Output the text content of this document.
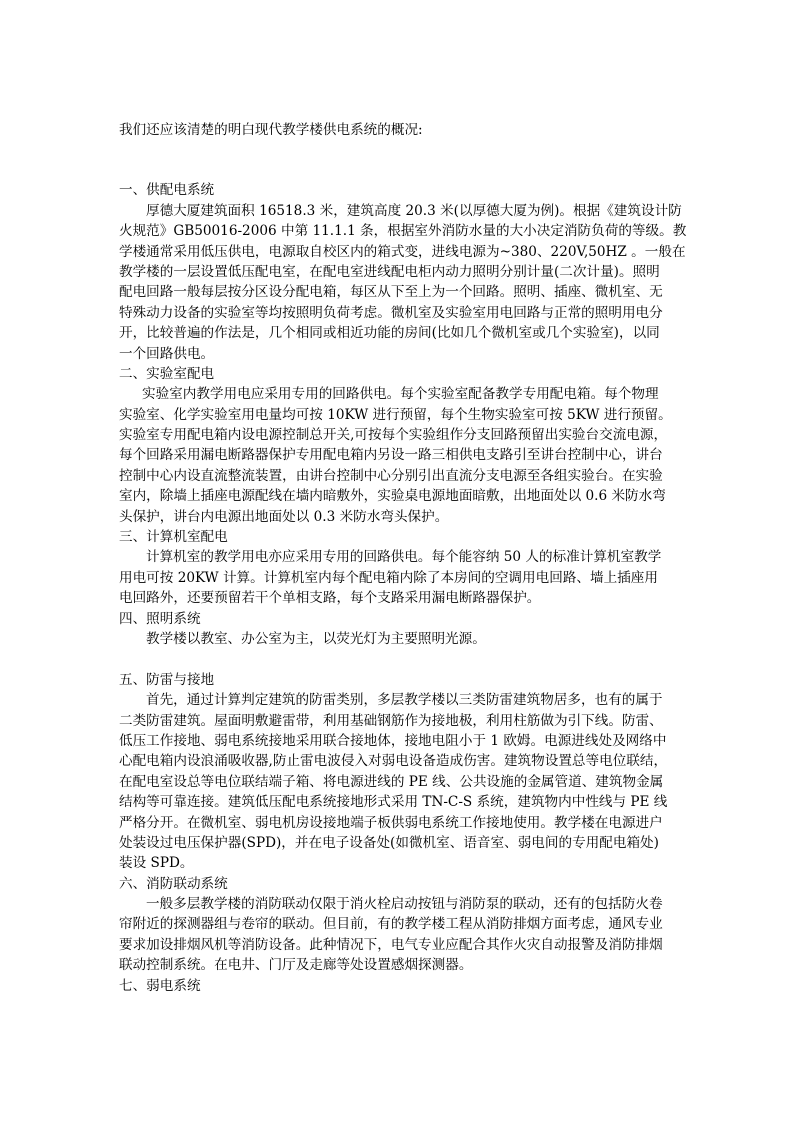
我们还应该清楚的明白现代教学楼供电系统的概况:
一、供配电系统
厚德大厦建筑面积 16518.3 米，建筑高度 20.3 米(以厚德大厦为例)。根据《建筑设计防
火规范》GB50016-2006 中第 11.1.1 条，根据室外消防水量的大小决定消防负荷的等级。教
学楼通常采用低压供电，电源取自校区内的箱式变，进线电源为~380、220V,50HZ 。一般在
教学楼的一层设置低压配电室，在配电室进线配电柜内动力照明分别计量(二次计量)。照明
配电回路一般每层按分区设分配电箱，每区从下至上为一个回路。照明、插座、微机室、无
特殊动力设备的实验室等均按照明负荷考虑。微机室及实验室用电回路与正常的照明用电分
开，比较普遍的作法是，几个相同或相近功能的房间(比如几个微机室或几个实验室)，以同
一个回路供电。
二、实验室配电
实验室内教学用电应采用专用的回路供电。每个实验室配备教学专用配电箱。每个物理
实验室、化学实验室用电量均可按 10KW 进行预留，每个生物实验室可按 5KW 进行预留。
实验室专用配电箱内设电源控制总开关,可按每个实验组作分支回路预留出实验台交流电源，
每个回路采用漏电断路器保护专用配电箱内另设一路三相供电支路引至讲台控制中心，讲台
控制中心内设直流整流装置，由讲台控制中心分别引出直流分支电源至各组实验台。在实验
室内，除墙上插座电源配线在墙内暗敷外，实验桌电源地面暗敷，出地面处以 0.6 米防水弯
头保护，讲台内电源出地面处以 0.3 米防水弯头保护。
三、计算机室配电
计算机室的教学用电亦应采用专用的回路供电。每个能容纳 50 人的标准计算机室教学
用电可按 20KW 计算。计算机室内每个配电箱内除了本房间的空调用电回路、墙上插座用
电回路外，还要预留若干个单相支路，每个支路采用漏电断路器保护。
四、照明系统
教学楼以教室、办公室为主，以荧光灯为主要照明光源。
五、防雷与接地
首先，通过计算判定建筑的防雷类别，多层教学楼以三类防雷建筑物居多，也有的属于
二类防雷建筑。屋面明敷避雷带，利用基础钢筋作为接地极，利用柱筋做为引下线。防雷、
低压工作接地、弱电系统接地采用联合接地体，接地电阻小于 1 欧姆。电源进线处及网络中
心配电箱内设浪涌吸收器,防止雷电波侵入对弱电设备造成伤害。建筑物设置总等电位联结，
在配电室设总等电位联结端子箱、将电源进线的 PE 线、公共设施的金属管道、建筑物金属
结构等可靠连接。建筑低压配电系统接地形式采用 TN-C-S 系统，建筑物内中性线与 PE 线
严格分开。在微机室、弱电机房设接地端子板供弱电系统工作接地使用。教学楼在电源进户
处装设过电压保护器(SPD)，并在电子设备处(如微机室、语音室、弱电间的专用配电箱处)
装设 SPD。
六、消防联动系统
一般多层教学楼的消防联动仅限于消火栓启动按钮与消防泵的联动，还有的包括防火卷
帘附近的探测器组与卷帘的联动。但目前，有的教学楼工程从消防排烟方面考虑，通风专业
要求加设排烟风机等消防设备。此种情况下，电气专业应配合其作火灾自动报警及消防排烟
联动控制系统。在电井、门厅及走廊等处设置感烟探测器。
七、弱电系统
